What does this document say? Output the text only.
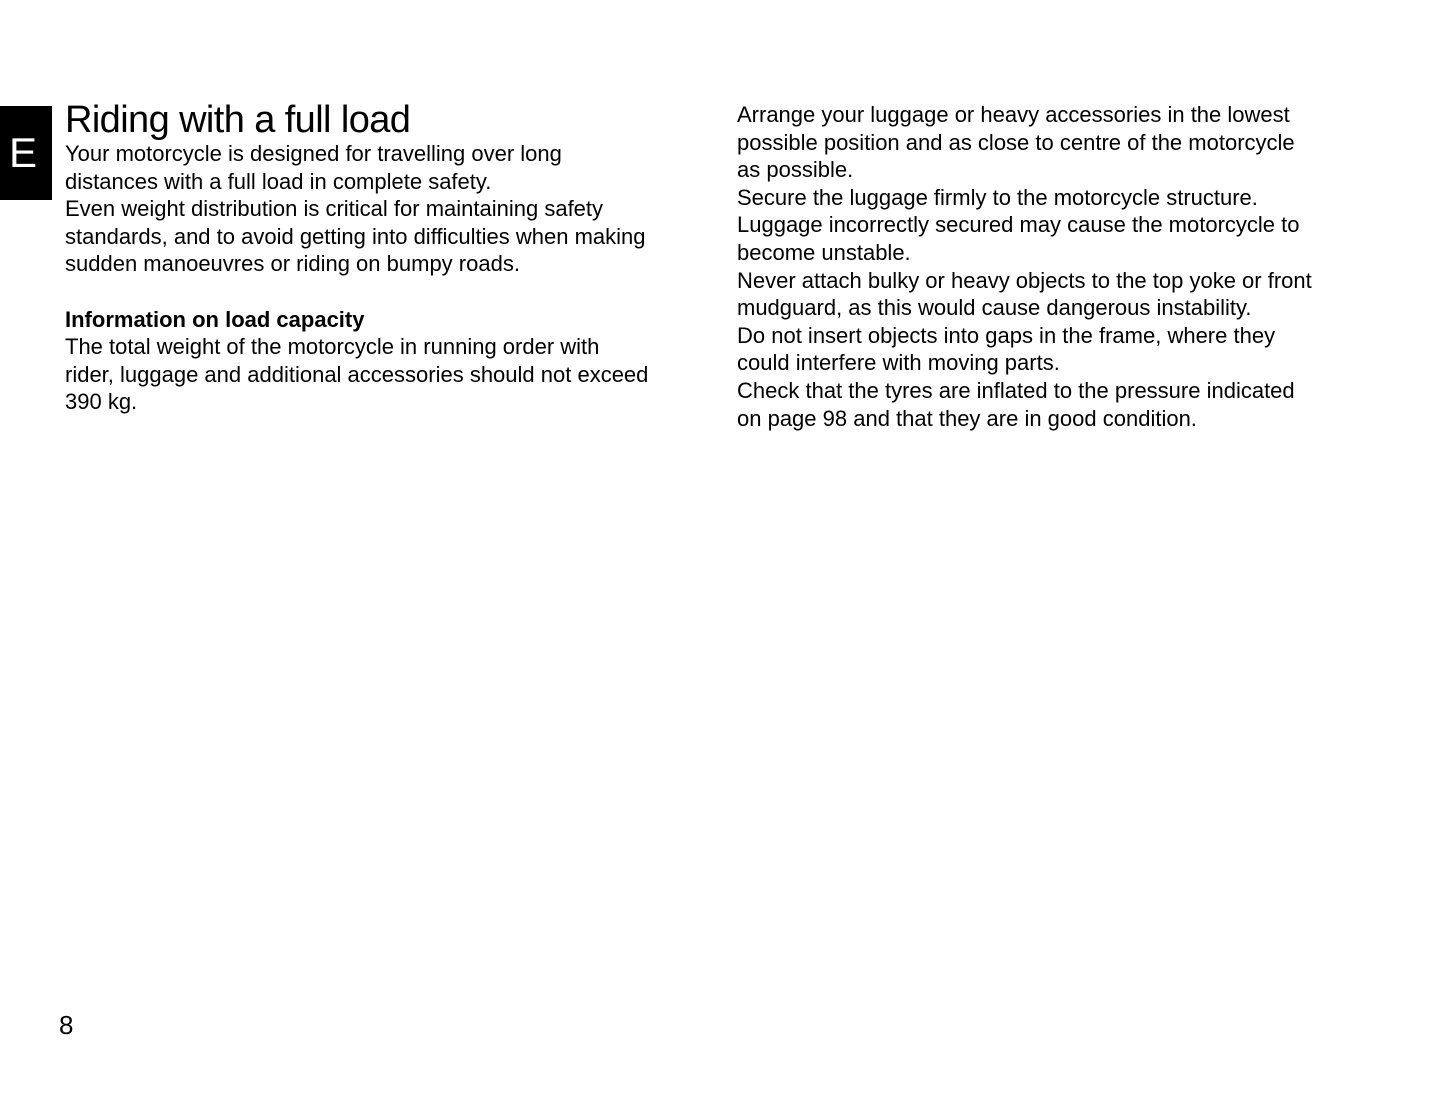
E
Riding with a full load

Your motorcycle is designed for travelling over long
distances with a full load in complete safety.
Even weight distribution is critical for maintaining safety
standards, and to avoid getting into difficulties when making
sudden manoeuvres or riding on bumpy roads.

Information on load capacity

The total weight of the motorcycle in running order with
rider, luggage and additional accessories should not exceed
390 kg.

Arrange your luggage or heavy accessories in the lowest
possible position and as close to centre of the motorcycle
as possible.
Secure the luggage firmly to the motorcycle structure.
Luggage incorrectly secured may cause the motorcycle to
become unstable.
Never attach bulky or heavy objects to the top yoke or front
mudguard, as this would cause dangerous instability.
Do not insert objects into gaps in the frame, where they
could interfere with moving parts.
Check that the tyres are inflated to the pressure indicated
on page 98 and that they are in good condition.

8
